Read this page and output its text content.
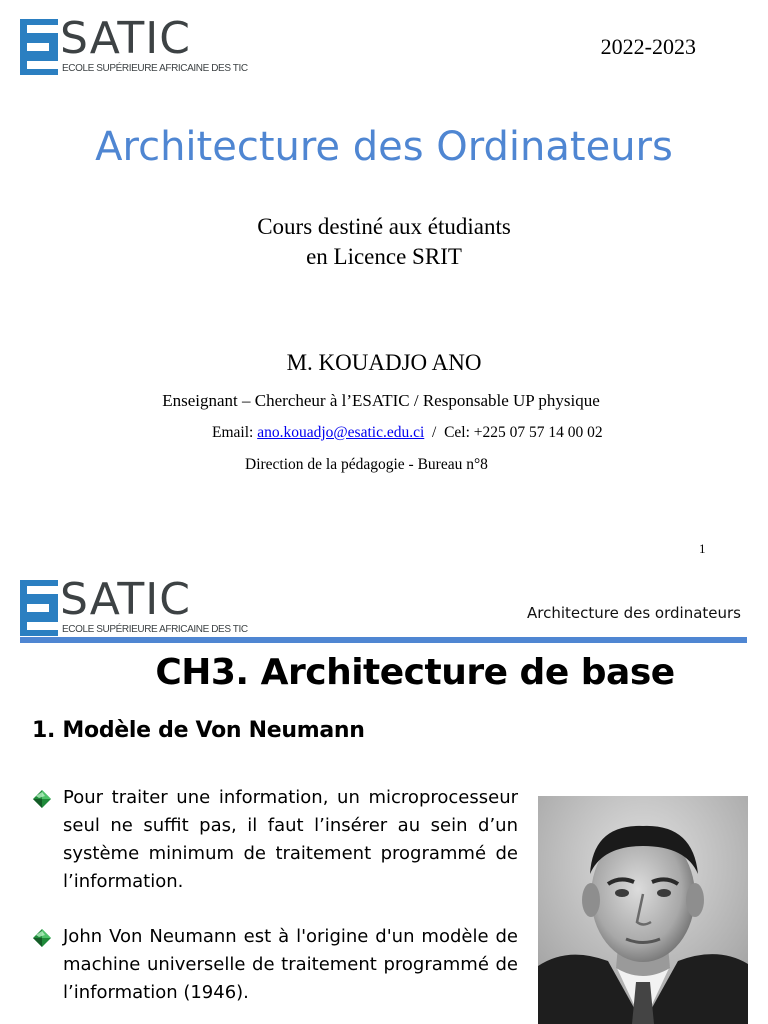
SATIC
ECOLE SUPÉRIEURE AFRICAINE DES TIC
2022-2023
Architecture des Ordinateurs
Cours destiné aux étudiants
en Licence SRIT
M. KOUADJO ANO
Enseignant – Chercheur à l’ESATIC / Responsable UP physique
Email: ano.kouadjo@esatic.edu.ci  /  Cel: +225 07 57 14 00 02
Direction de la pédagogie - Bureau n°8
1
SATIC
ECOLE SUPÉRIEURE AFRICAINE DES TIC
Architecture des ordinateurs
CH3. Architecture de base
1. Modèle de Von Neumann
Pour traiter une information, un microprocesseur seul ne suffit pas, il faut l’insérer au sein d’un système minimum de traitement programmé de l’information.
John Von Neumann est à l'origine d'un modèle de machine universelle de traitement programmé de l’information (1946).
